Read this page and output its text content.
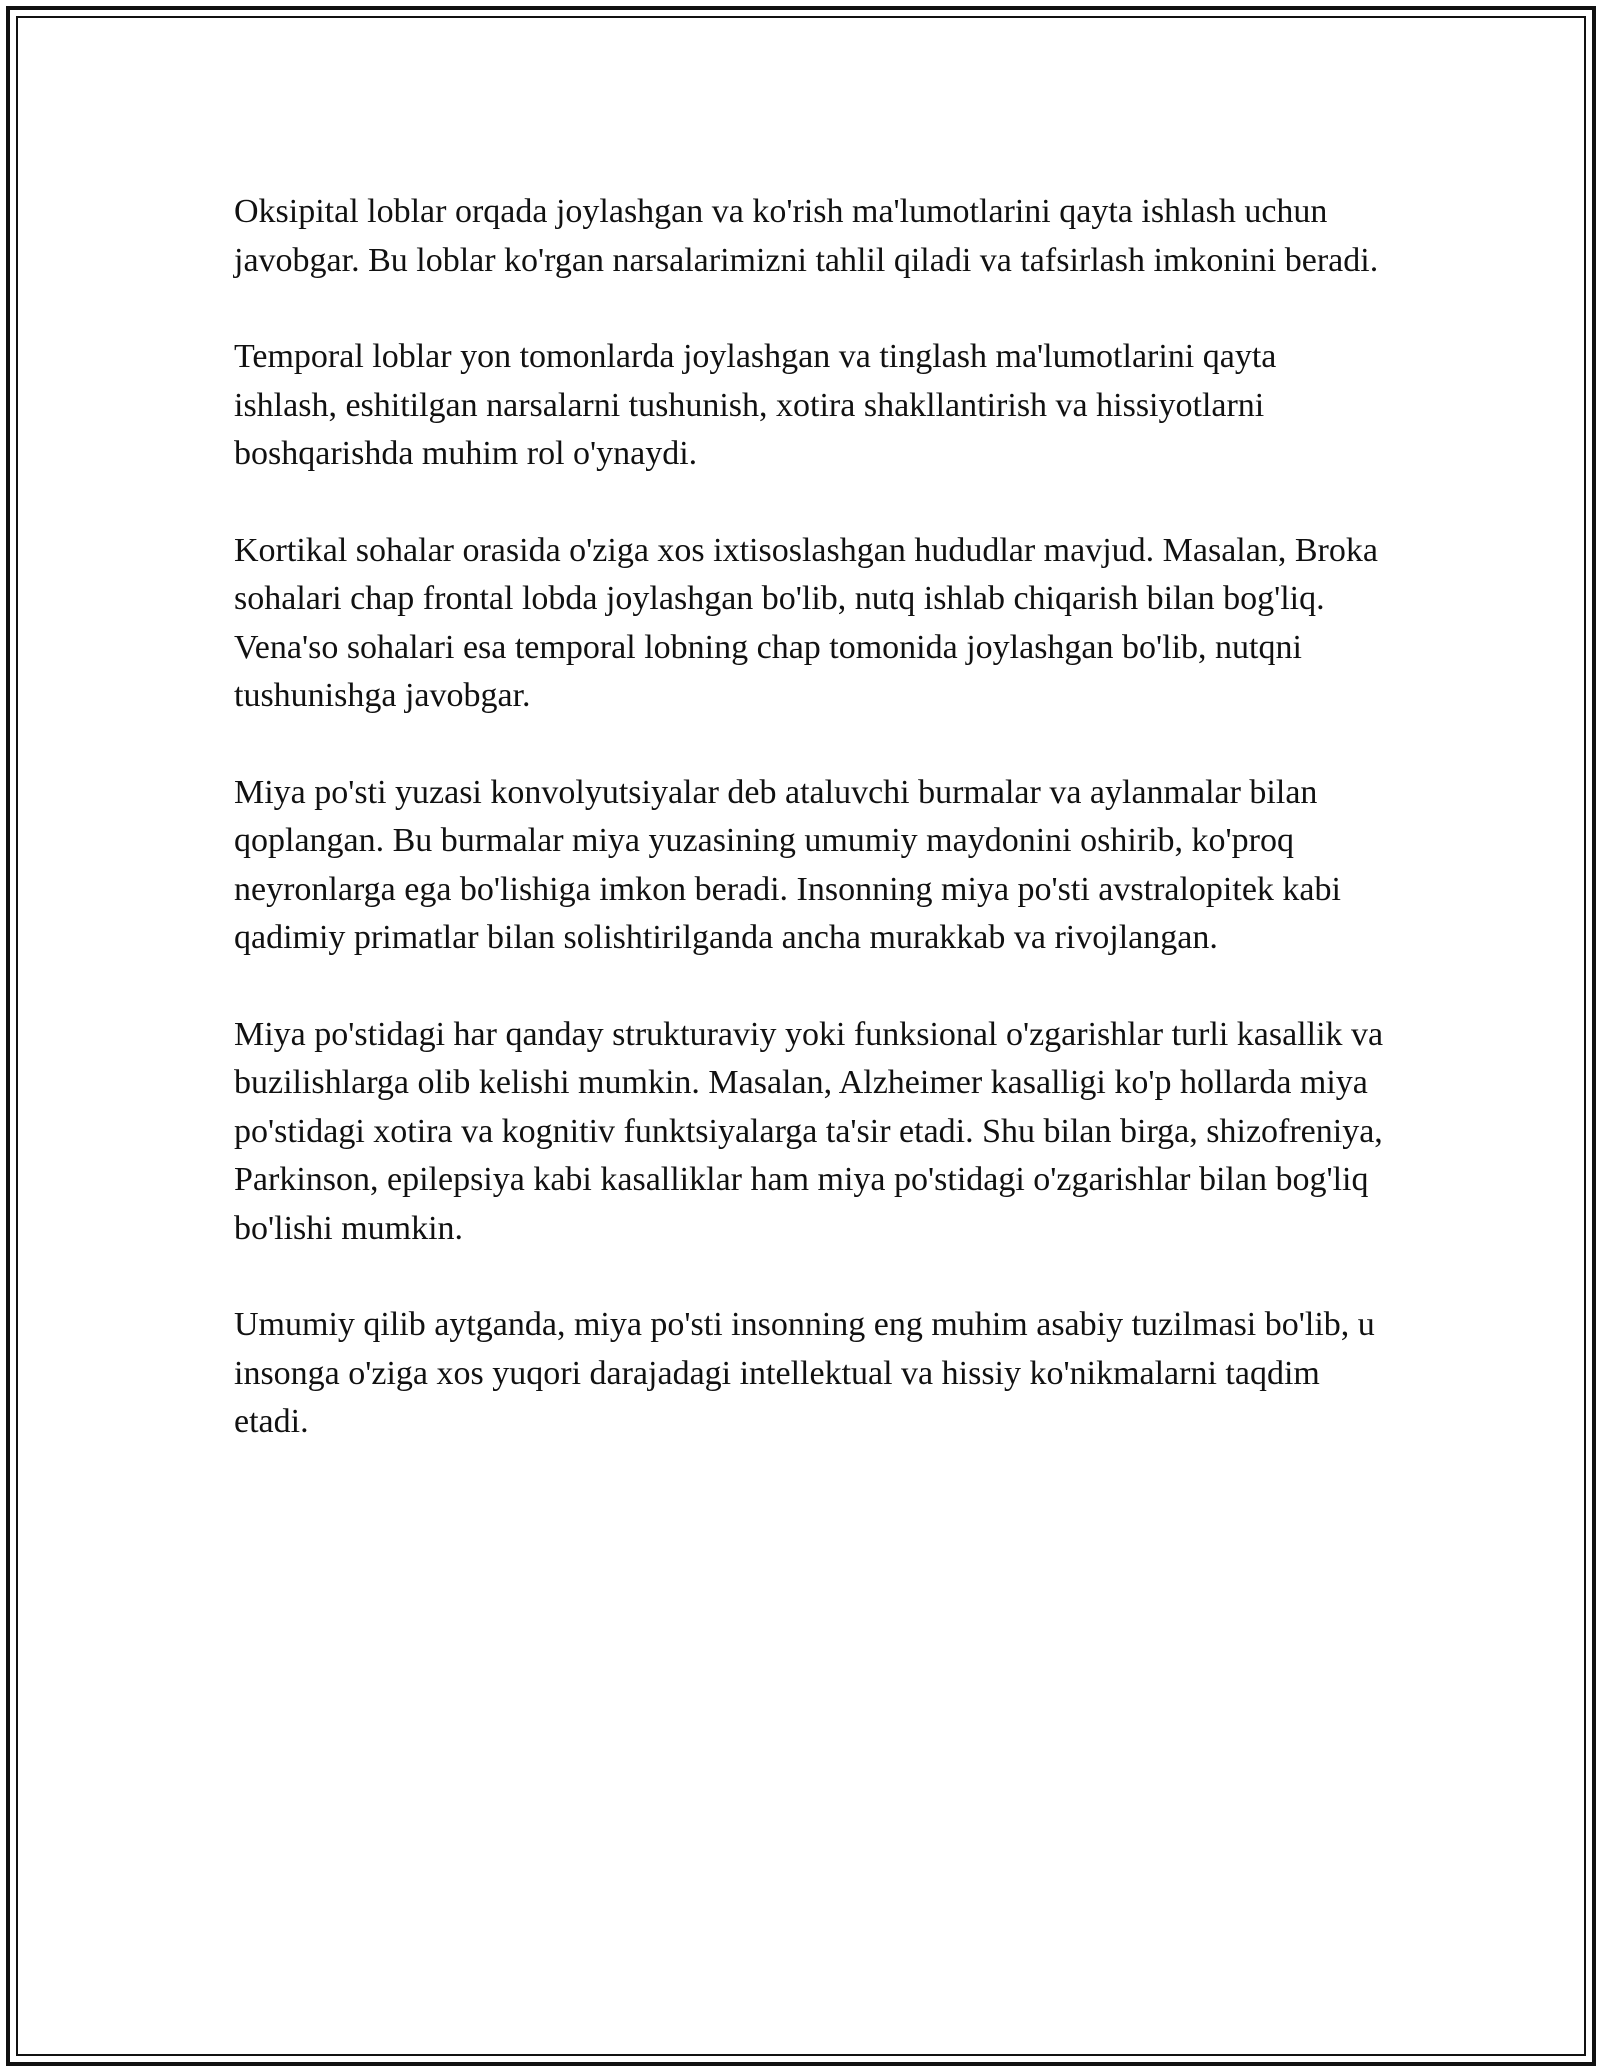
Oksipital loblar orqada joylashgan va ko'rish ma'lumotlarini qayta ishlash uchun javobgar. Bu loblar ko'rgan narsalarimizni tahlil qiladi va tafsirlash imkonini beradi.

Temporal loblar yon tomonlarda joylashgan va tinglash ma'lumotlarini qayta ishlash, eshitilgan narsalarni tushunish, xotira shakllantirish va hissiyotlarni boshqarishda muhim rol o'ynaydi.

Kortikal sohalar orasida o'ziga xos ixtisoslashgan hududlar mavjud. Masalan, Broka sohalari chap frontal lobda joylashgan bo'lib, nutq ishlab chiqarish bilan bog'liq. Vena'so sohalari esa temporal lobning chap tomonida joylashgan bo'lib, nutqni tushunishga javobgar.

Miya po'sti yuzasi konvolyutsiyalar deb ataluvchi burmalar va aylanmalar bilan qoplangan. Bu burmalar miya yuzasining umumiy maydonini oshirib, ko'proq neyronlarga ega bo'lishiga imkon beradi. Insonning miya po'sti avstralopitek kabi qadimiy primatlar bilan solishtirilganda ancha murakkab va rivojlangan.

Miya po'stidagi har qanday strukturaviy yoki funksional o'zgarishlar turli kasallik va buzilishlarga olib kelishi mumkin. Masalan, Alzheimer kasalligi ko'p hollarda miya po'stidagi xotira va kognitiv funktsiyalarga ta'sir etadi. Shu bilan birga, shizofreniya, Parkinson, epilepsiya kabi kasalliklar ham miya po'stidagi o'zgarishlar bilan bog'liq bo'lishi mumkin.

Umumiy qilib aytganda, miya po'sti insonning eng muhim asabiy tuzilmasi bo'lib, u insonga o'ziga xos yuqori darajadagi intellektual va hissiy ko'nikmalarni taqdim etadi.
